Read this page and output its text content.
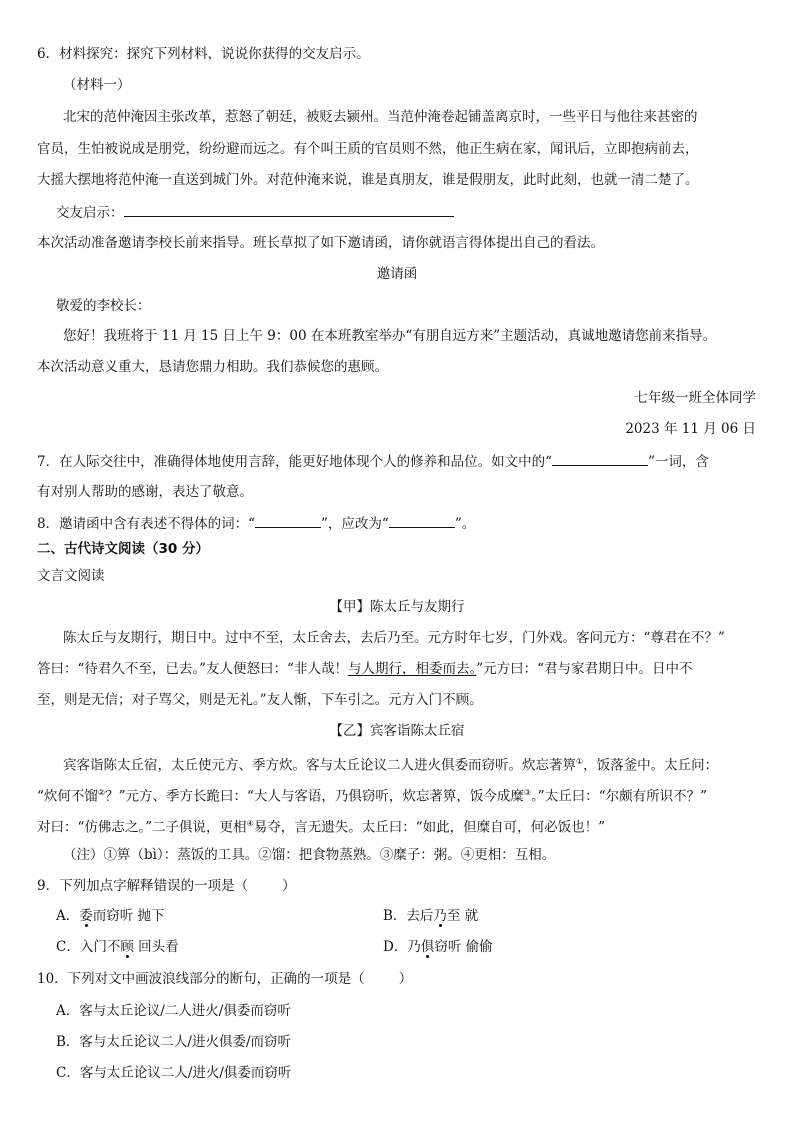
6．材料探究：探究下列材料，说说你获得的交友启示。
（材料一）
北宋的范仲淹因主张改革，惹怒了朝廷，被贬去颍州。当范仲淹卷起铺盖离京时，一些平日与他往来甚密的
官员，生怕被说成是朋党，纷纷避而远之。有个叫王质的官员则不然，他正生病在家，闻讯后，立即抱病前去，
大摇大摆地将范仲淹一直送到城门外。对范仲淹来说，谁是真朋友，谁是假朋友，此时此刻，也就一清二楚了。
交友启示：
本次活动准备邀请李校长前来指导。班长草拟了如下邀请函，请你就语言得体提出自己的看法。
邀请函
敬爱的李校长：
您好！我班将于 11 月 15 日上午 9：00 在本班教室举办“有朋自远方来”主题活动，真诚地邀请您前来指导。
本次活动意义重大，恳请您鼎力相助。我们恭候您的惠顾。
七年级一班全体同学
2023 年 11 月 06 日
7．在人际交往中，准确得体地使用言辞，能更好地体现个人的修养和品位。如文中的“	”一词，含
有对别人帮助的感谢，表达了敬意。
8．邀请函中含有表述不得体的词：“	”，应改为“	”。
二、古代诗文阅读（30 分）
文言文阅读
【甲】陈太丘与友期行
陈太丘与友期行，期日中。过中不至，太丘舍去，去后乃至。元方时年七岁，门外戏。客问元方：“尊君在不？”
答曰：“待君久不至，已去。”友人便怒曰：“非人哉！与人期行，相委而去。”元方曰：“君与家君期日中。日中不
至，则是无信；对子骂父，则是无礼。”友人惭，下车引之。元方入门不顾。
【乙】宾客诣陈太丘宿
宾客诣陈太丘宿，太丘使元方、季方炊。客与太丘论议二人进火俱委而窃听。炊忘著箅①，饭落釜中。太丘问：
“炊何不馏②？”元方、季方长跪曰：“大人与客语，乃俱窃听，炊忘著箅，饭今成糜③。”太丘曰：“尔颇有所识不？”
对曰：“仿佛志之。”二子俱说，更相④易夺，言无遗失。太丘曰：“如此，但糜自可，何必饭也！”
（注）①箅（bì）：蒸饭的工具。②馏：把食物蒸熟。③糜子：粥。④更相：互相。
9．下列加点字解释错误的一项是（	）
A．委而窃听 抛下	B．去后乃至 就
C．入门不顾 回头看	D．乃俱窃听 偷偷
10．下列对文中画波浪线部分的断句，正确的一项是（	）
A．客与太丘论议/二人进火/俱委而窃听
B．客与太丘论议二人/进火俱委/而窃听
C．客与太丘论议二人/进火/俱委而窃听
